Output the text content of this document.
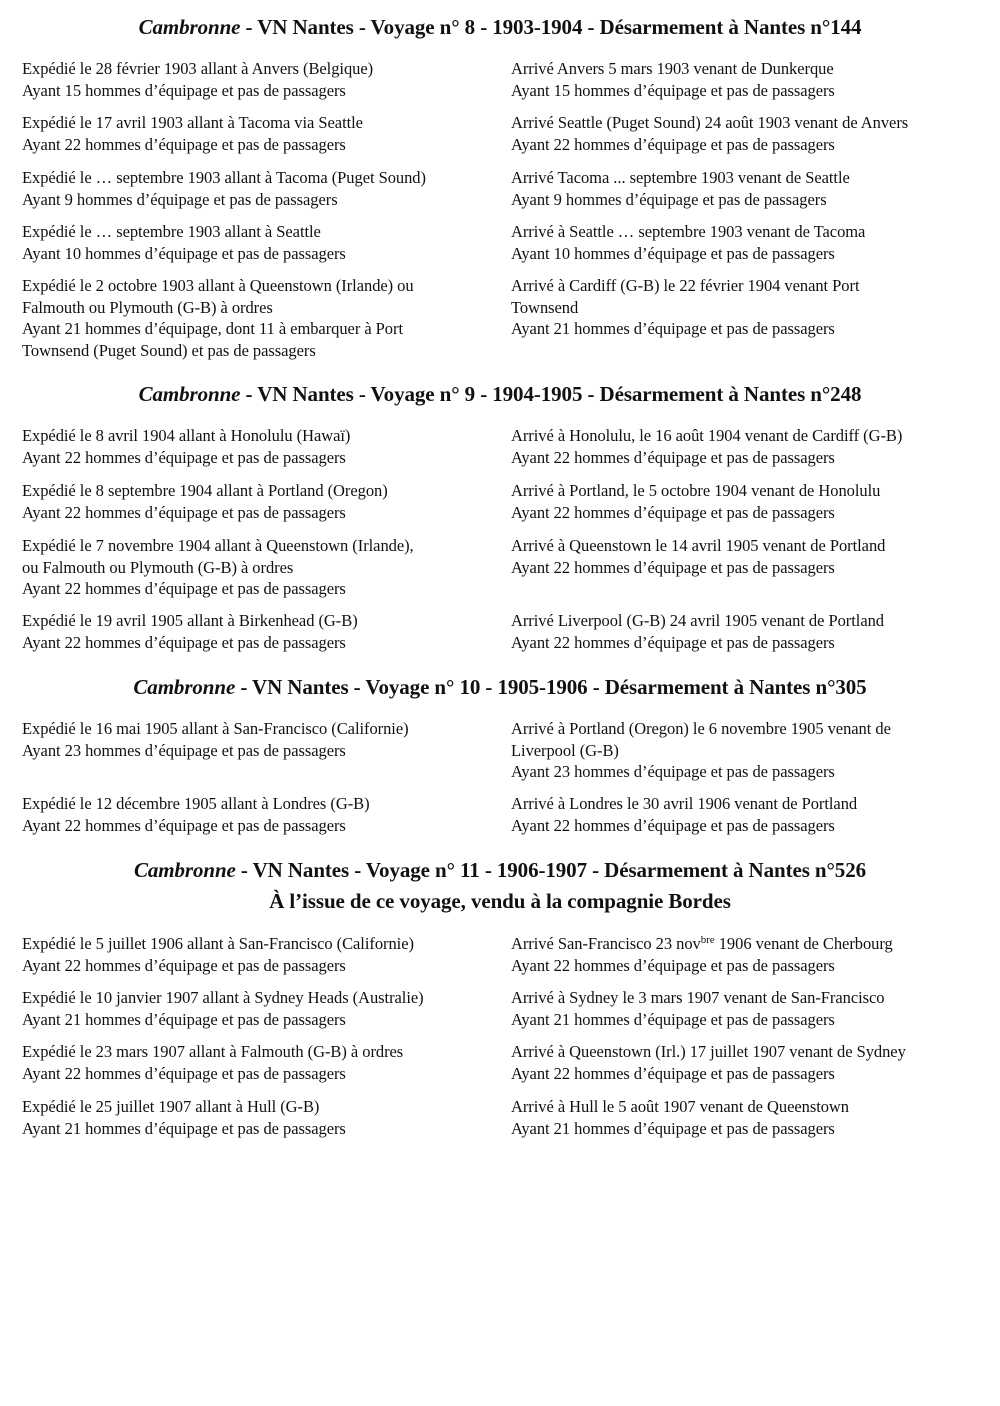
Cambronne - VN Nantes - Voyage n° 8 - 1903-1904 - Désarmement à Nantes n°144
Expédié le 28 février 1903 allant à Anvers (Belgique)
Ayant 15 hommes d’équipage et pas de passagers
Arrivé Anvers 5 mars 1903 venant de Dunkerque
Ayant 15 hommes d’équipage et pas de passagers
Expédié le 17 avril 1903 allant à Tacoma via Seattle
Ayant 22 hommes d’équipage et pas de passagers
Arrivé Seattle (Puget Sound) 24 août 1903 venant de Anvers
Ayant 22 hommes d’équipage et pas de passagers
Expédié le … septembre 1903 allant à Tacoma (Puget Sound)
Ayant 9 hommes d’équipage et pas de passagers
Arrivé Tacoma ... septembre 1903 venant de Seattle
Ayant 9 hommes d’équipage et pas de passagers
Expédié le … septembre 1903 allant à Seattle
Ayant 10 hommes d’équipage et pas de passagers
Arrivé à Seattle … septembre 1903 venant de Tacoma
Ayant 10 hommes d’équipage et pas de passagers
Expédié le 2 octobre 1903 allant à Queenstown (Irlande) ou
Falmouth ou Plymouth (G-B) à ordres
Ayant 21 hommes d’équipage, dont 11 à embarquer à Port
Townsend (Puget Sound) et pas de passagers
Arrivé à Cardiff (G-B) le 22 février 1904 venant Port
Townsend
Ayant 21 hommes d’équipage et pas de passagers
Cambronne - VN Nantes - Voyage n° 9 - 1904-1905 - Désarmement à Nantes n°248
Expédié le 8 avril 1904 allant à Honolulu (Hawaï)
Ayant 22 hommes d’équipage et pas de passagers
Arrivé à Honolulu, le 16 août 1904 venant de Cardiff (G-B)
Ayant 22 hommes d’équipage et pas de passagers
Expédié le 8 septembre 1904 allant à Portland (Oregon)
Ayant 22 hommes d’équipage et pas de passagers
Arrivé à Portland, le 5 octobre 1904 venant de Honolulu
Ayant 22 hommes d’équipage et pas de passagers
Expédié le 7 novembre 1904 allant à Queenstown (Irlande),
ou Falmouth ou Plymouth (G-B) à ordres
Ayant 22 hommes d’équipage et pas de passagers
Arrivé à Queenstown le 14 avril 1905 venant de Portland
Ayant 22 hommes d’équipage et pas de passagers
Expédié le 19 avril 1905 allant à Birkenhead (G-B)
Ayant 22 hommes d’équipage et pas de passagers
Arrivé Liverpool (G-B) 24 avril 1905 venant de Portland
Ayant 22 hommes d’équipage et pas de passagers
Cambronne - VN Nantes - Voyage n° 10 - 1905-1906 - Désarmement à Nantes n°305
Expédié le 16 mai 1905 allant à San-Francisco (Californie)
Ayant 23 hommes d’équipage et pas de passagers
Arrivé à Portland (Oregon) le 6 novembre 1905 venant de
Liverpool (G-B)
Ayant 23 hommes d’équipage et pas de passagers
Expédié le 12 décembre 1905 allant à Londres (G-B)
Ayant 22 hommes d’équipage et pas de passagers
Arrivé à Londres le 30 avril 1906 venant de Portland
Ayant 22 hommes d’équipage et pas de passagers
Cambronne - VN Nantes - Voyage n° 11 - 1906-1907 - Désarmement à Nantes n°526
À l’issue de ce voyage, vendu à la compagnie Bordes
Expédié le 5 juillet 1906 allant à San-Francisco (Californie)
Ayant 22 hommes d’équipage et pas de passagers
Arrivé San-Francisco 23 nov$^{bre}$ 1906 venant de Cherbourg
Ayant 22 hommes d’équipage et pas de passagers
Expédié le 10 janvier 1907 allant à Sydney Heads (Australie)
Ayant 21 hommes d’équipage et pas de passagers
Arrivé à Sydney le 3 mars 1907 venant de San-Francisco
Ayant 21 hommes d’équipage et pas de passagers
Expédié le 23 mars 1907 allant à Falmouth (G-B) à ordres
Ayant 22 hommes d’équipage et pas de passagers
Arrivé à Queenstown (Irl.) 17 juillet 1907 venant de Sydney
Ayant 22 hommes d’équipage et pas de passagers
Expédié le 25 juillet 1907 allant à Hull (G-B)
Ayant 21 hommes d’équipage et pas de passagers
Arrivé à Hull le 5 août 1907 venant de Queenstown
Ayant 21 hommes d’équipage et pas de passagers
